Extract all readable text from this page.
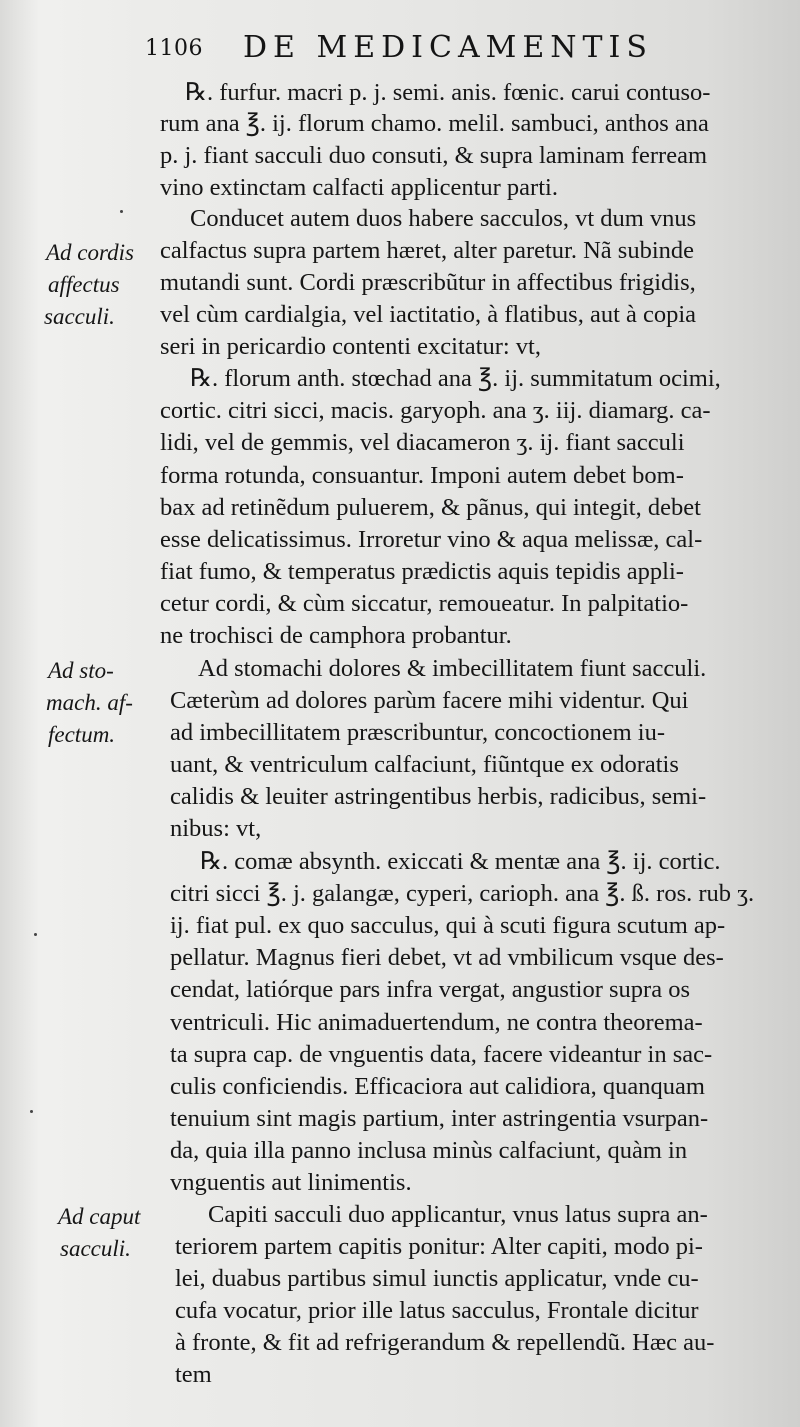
1106 DE MEDICAMENTIS

℞. furfur. macri p. j. semi. anis. fœnic. carui contuso-

rum ana ℥. ij. florum chamo. melil. sambuci, anthos ana

p. j. fiant sacculi duo consuti, & supra laminam ferream

vino extinctam calfacti applicentur parti.

Conducet autem duos habere sacculos, vt dum vnus

calfactus supra partem hæret, alter paretur. Nã subinde

mutandi sunt. Cordi præscribũtur in affectibus frigidis,

vel cùm cardialgia, vel iactitatio, à flatibus, aut à copia

seri in pericardio contenti excitatur: vt,

℞. florum anth. stœchad ana ℥. ij. summitatum ocimi,

cortic. citri sicci, macis. garyoph. ana ʒ. iij. diamarg. ca-

lidi, vel de gemmis, vel diacameron ʒ. ij. fiant sacculi

forma rotunda, consuantur. Imponi autem debet bom-

bax ad retinẽdum puluerem, & pãnus, qui integit, debet

esse delicatissimus. Irroretur vino & aqua melissæ, cal-

fiat fumo, & temperatus prædictis aquis tepidis appli-

cetur cordi, & cùm siccatur, remoueatur. In palpitatio-

ne trochisci de camphora probantur.

Ad stomachi dolores & imbecillitatem fiunt sacculi.

Cæterùm ad dolores parùm facere mihi videntur. Qui

ad imbecillitatem præscribuntur, concoctionem iu-

uant, & ventriculum calfaciunt, fiũntque ex odoratis

calidis & leuiter astringentibus herbis, radicibus, semi-

nibus: vt,

℞. comæ absynth. exiccati & mentæ ana ℥. ij. cortic.

citri sicci ℥. j. galangæ, cyperi, carioph. ana ℥. ß. ros. rub ʒ.

ij. fiat pul. ex quo sacculus, qui à scuti figura scutum ap-

pellatur. Magnus fieri debet, vt ad vmbilicum vsque des-

cendat, latiórque pars infra vergat, angustior supra os

ventriculi. Hic animaduertendum, ne contra theorema-

ta supra cap. de vnguentis data, facere videantur in sac-

culis conficiendis. Efficaciora aut calidiora, quanquam

tenuium sint magis partium, inter astringentia vsurpan-

da, quia illa panno inclusa minùs calfaciunt, quàm in

vnguentis aut linimentis.

Capiti sacculi duo applicantur, vnus latus supra an-

teriorem partem capitis ponitur: Alter capiti, modo pi-

lei, duabus partibus simul iunctis applicatur, vnde cu-

cufa vocatur, prior ille latus sacculus, Frontale dicitur

à fronte, & fit ad refrigerandum & repellendũ. Hæc au-

tem

Ad cordis

affectus

sacculi.

Ad sto-

mach. af-

fectum.

Ad caput

sacculi.
